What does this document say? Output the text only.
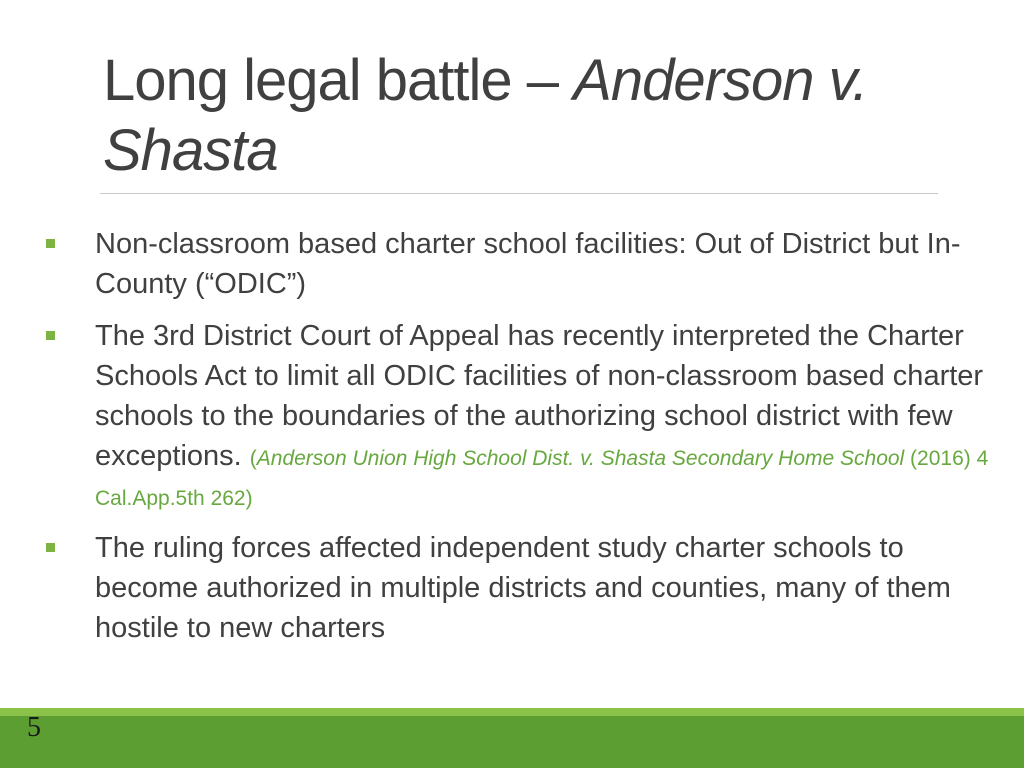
Long legal battle – Anderson v.
Shasta
Non-classroom based charter school facilities: Out of District but In-County (“ODIC”)
The 3rd District Court of Appeal has recently interpreted the Charter Schools Act to limit all ODIC facilities of non-classroom based charter schools to the boundaries of the authorizing school district with few exceptions. (Anderson Union High School Dist. v. Shasta Secondary Home School (2016) 4 Cal.App.5th 262)
The ruling forces affected independent study charter schools to become authorized in multiple districts and counties, many of them hostile to new charters
5
